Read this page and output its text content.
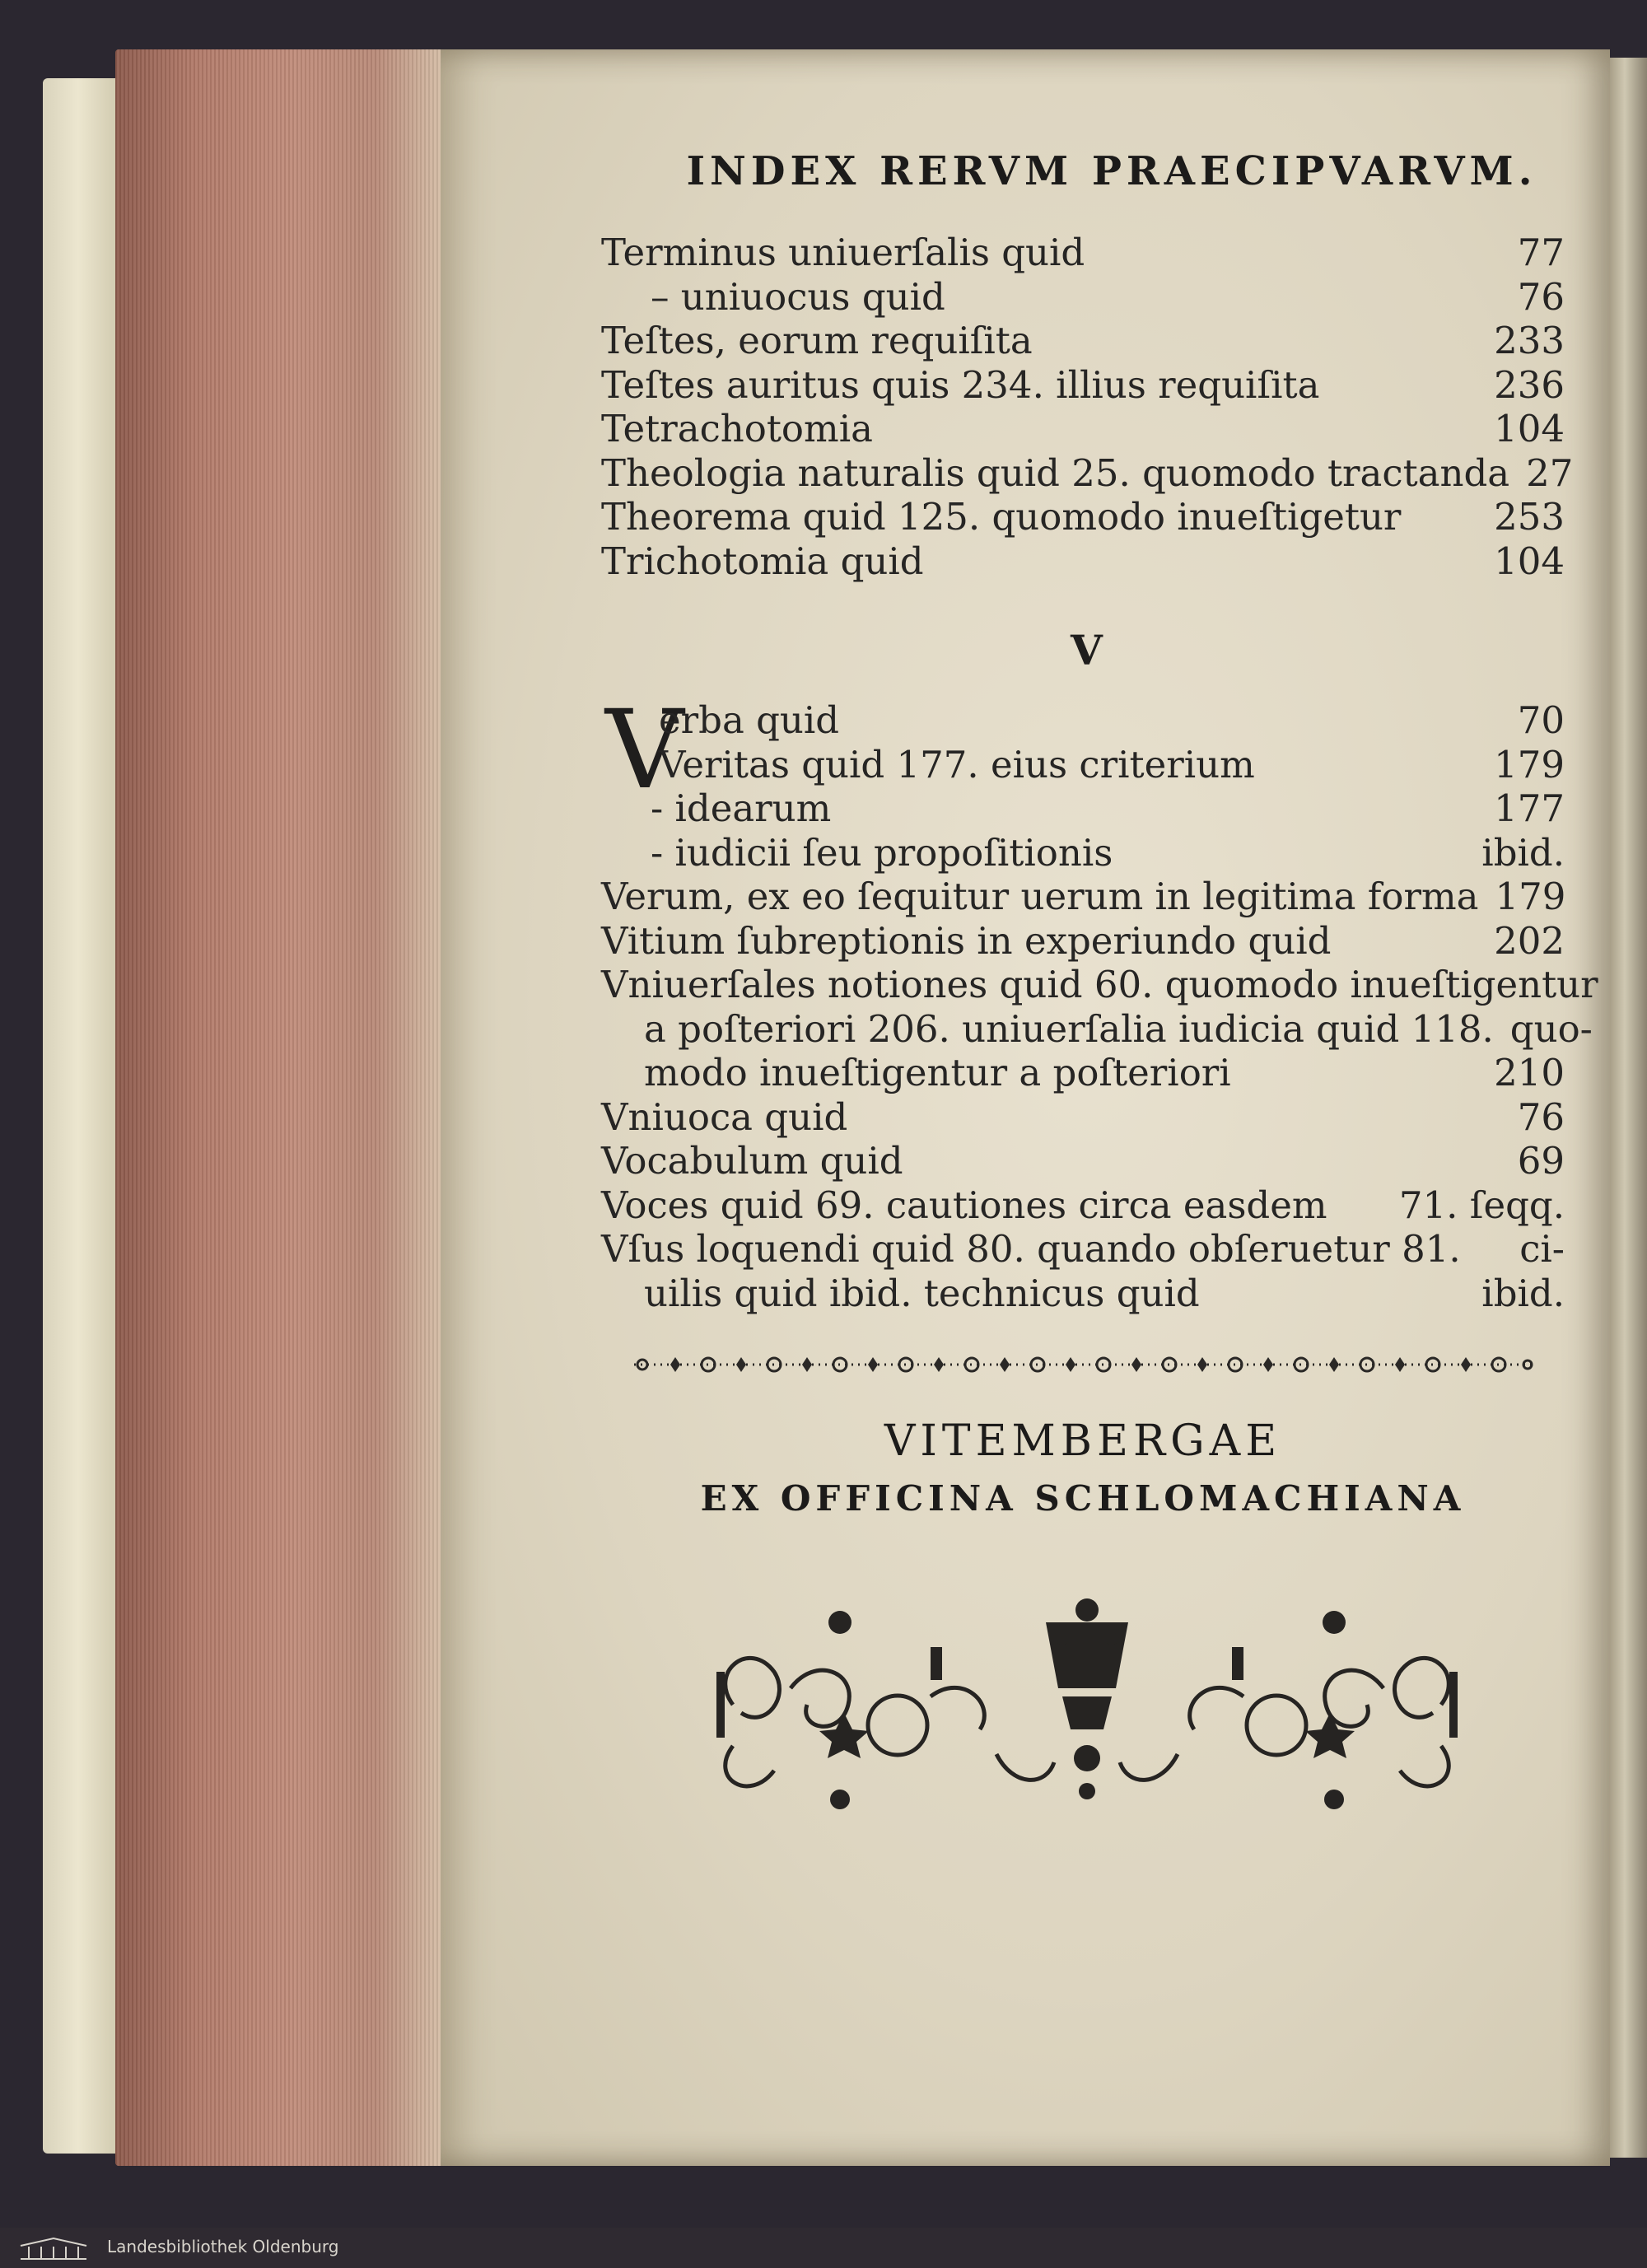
INDEX RERVM PRAECIPVARVM.
Terminus uniuerſalis quid	77
– uniuocus quid	76
Teſtes, eorum requiſita	233
Teſtes auritus quis 234. illius requiſita	236
Tetrachotomia	104
Theologia naturalis quid 25. quomodo tractanda 27
Theorema quid 125. quomodo inueſtigetur	253
Trichotomia quid	104
V
V
erba quid	70
Veritas quid 177. eius criterium	179
- idearum	177
- iudicii ſeu propoſitionis	ibid.
Verum, ex eo ſequitur uerum in legitima forma 179
Vitium ſubreptionis in experiundo quid	202
Vniuerſales notiones quid 60. quomodo inueſtigentur
a poſteriori 206. uniuerſalia iudicia quid 118. quo-
modo inueſtigentur a poſteriori	210
Vniuoca quid	76
Vocabulum quid	69
Voces quid 69. cautiones circa easdem 71. ſeqq.
Vſus loquendi quid 80. quando obſeruetur 81. ci-
uilis quid ibid. technicus quid	ibid.
VITEMBERGAE
EX OFFICINA SCHLOMACHIANA
Landesbibliothek Oldenburg
